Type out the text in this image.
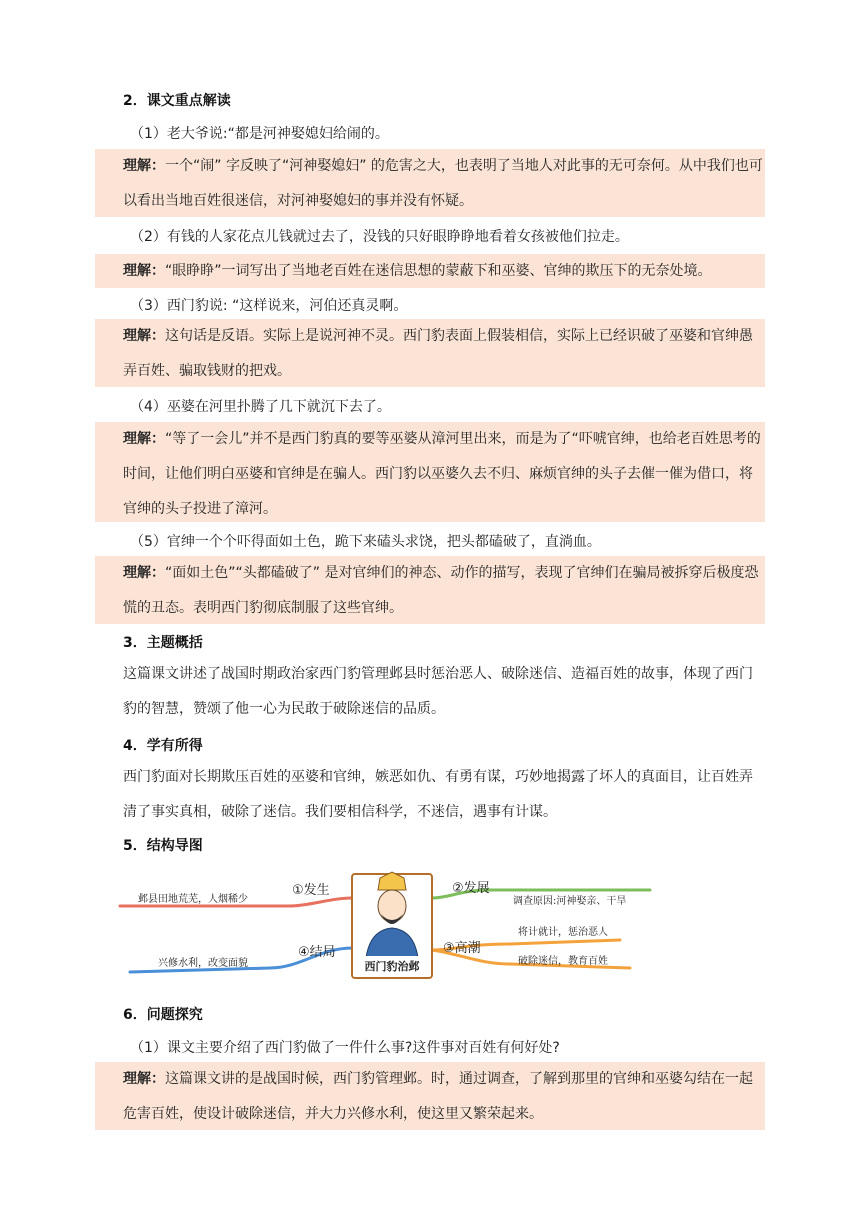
2．课文重点解读
（1）老大爷说:“都是河神娶媳妇给闹的。

理解：一个“闹” 字反映了“河神娶媳妇” 的危害之大，也表明了当地人对此事的无可奈何。从中我们也可以看出当地百姓很迷信，对河神娶媳妇的事并没有怀疑。

（2）有钱的人家花点儿钱就过去了，没钱的只好眼睁睁地看着女孩被他们拉走。

理解：“眼睁睁”一词写出了当地老百姓在迷信思想的蒙蔽下和巫婆、官绅的欺压下的无奈处境。

（3）西门豹说: “这样说来，河伯还真灵啊。

理解：这句话是反语。实际上是说河神不灵。西门豹表面上假装相信，实际上已经识破了巫婆和官绅愚弄百姓、骗取钱财的把戏。

（4）巫婆在河里扑腾了几下就沉下去了。

理解：“等了一会儿”并不是西门豹真的要等巫婆从漳河里出来，而是为了“吓唬官绅，也给老百姓思考的时间，让他们明白巫婆和官绅是在骗人。西门豹以巫婆久去不归、麻烦官绅的头子去催一催为借口，将官绅的头子投进了漳河。

（5）官绅一个个吓得面如土色，跪下来磕头求饶，把头都磕破了，直淌血。

理解：“面如土色”“头都磕破了” 是对官绅们的神态、动作的描写，表现了官绅们在骗局被拆穿后极度恐慌的丑态。表明西门豹彻底制服了这些官绅。

3．主题概括
这篇课文讲述了战国时期政治家西门豹管理邺县时惩治恶人、破除迷信、造福百姓的故事，体现了西门豹的智慧，赞颂了他一心为民敢于破除迷信的品质。
4．学有所得
西门豹面对长期欺压百姓的巫婆和官绅，嫉恶如仇、有勇有谋，巧妙地揭露了坏人的真面目，让百姓弄清了事实真相，破除了迷信。我们要相信科学，不迷信，遇事有计谋。
5．结构导图
西门豹治邺
①发生	②发展
③高潮
④结局
邺县田地荒芜，人烟稀少	调查原因:河神娶亲、干旱
将计就计，惩治恶人
破除迷信，教育百姓
兴修水利，改变面貌
6．问题探究
（1）课文主要介绍了西门豹做了一件什么事?这件事对百姓有何好处?

理解：这篇课文讲的是战国时候，西门豹管理邺。时，通过调查，了解到那里的官绅和巫婆勾结在一起危害百姓，使设计破除迷信，并大力兴修水利，使这里又繁荣起来。
